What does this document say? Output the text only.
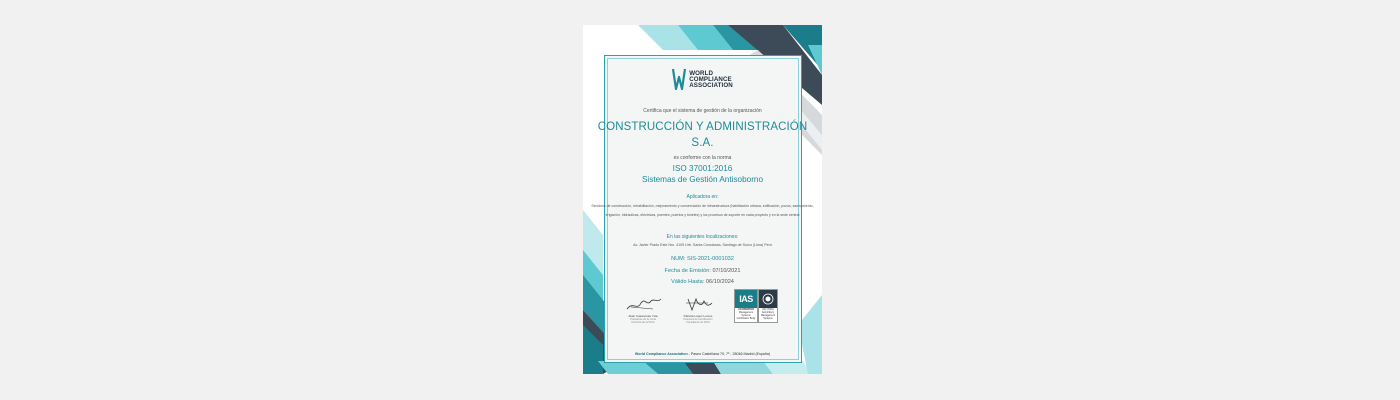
WORLD
COMPLIANCE
ASSOCIATION
Certifica que el sistema de gestión de la organización
CONSTRUCCIÓN Y ADMINISTRACIÓN
S.A.
es conforme con la norma
ISO 37001:2016
Sistemas de Gestión Antisoborno
Aplicadora en:
Servicios de construcción, rehabilitación, mejoramiento y conservación de infraestructura (habilitación urbana, edificación, pozos, saneamiento, irrigación, hidráulicas, eléctricas, puentes, puertos y túneles) y los procesos de soporte en cada proyecto y en la sede central
En las siguientes localizaciones:
Av. Javier Prado Este Nro. 4109 Urb. Santa Constanza, Santiago de Surco (Lima) Perú
NUM: SIS-2021-0001032
Fecha de Emisión: 07/10/2021
Válido Hasta: 06/10/2024
Alain Casanovas Ysla
Presidente de la Junta
Directiva de la WCA
Patricia López Lemos
Directora de Certificación
Compliance de WCA
IAS
ACCREDITED
Management Systems
Certification Body
ISO 37001
Anti-bribery Management
Systems
World Compliance Association - Paseo Castellana 79, 7º - 28046 Madrid (España)
